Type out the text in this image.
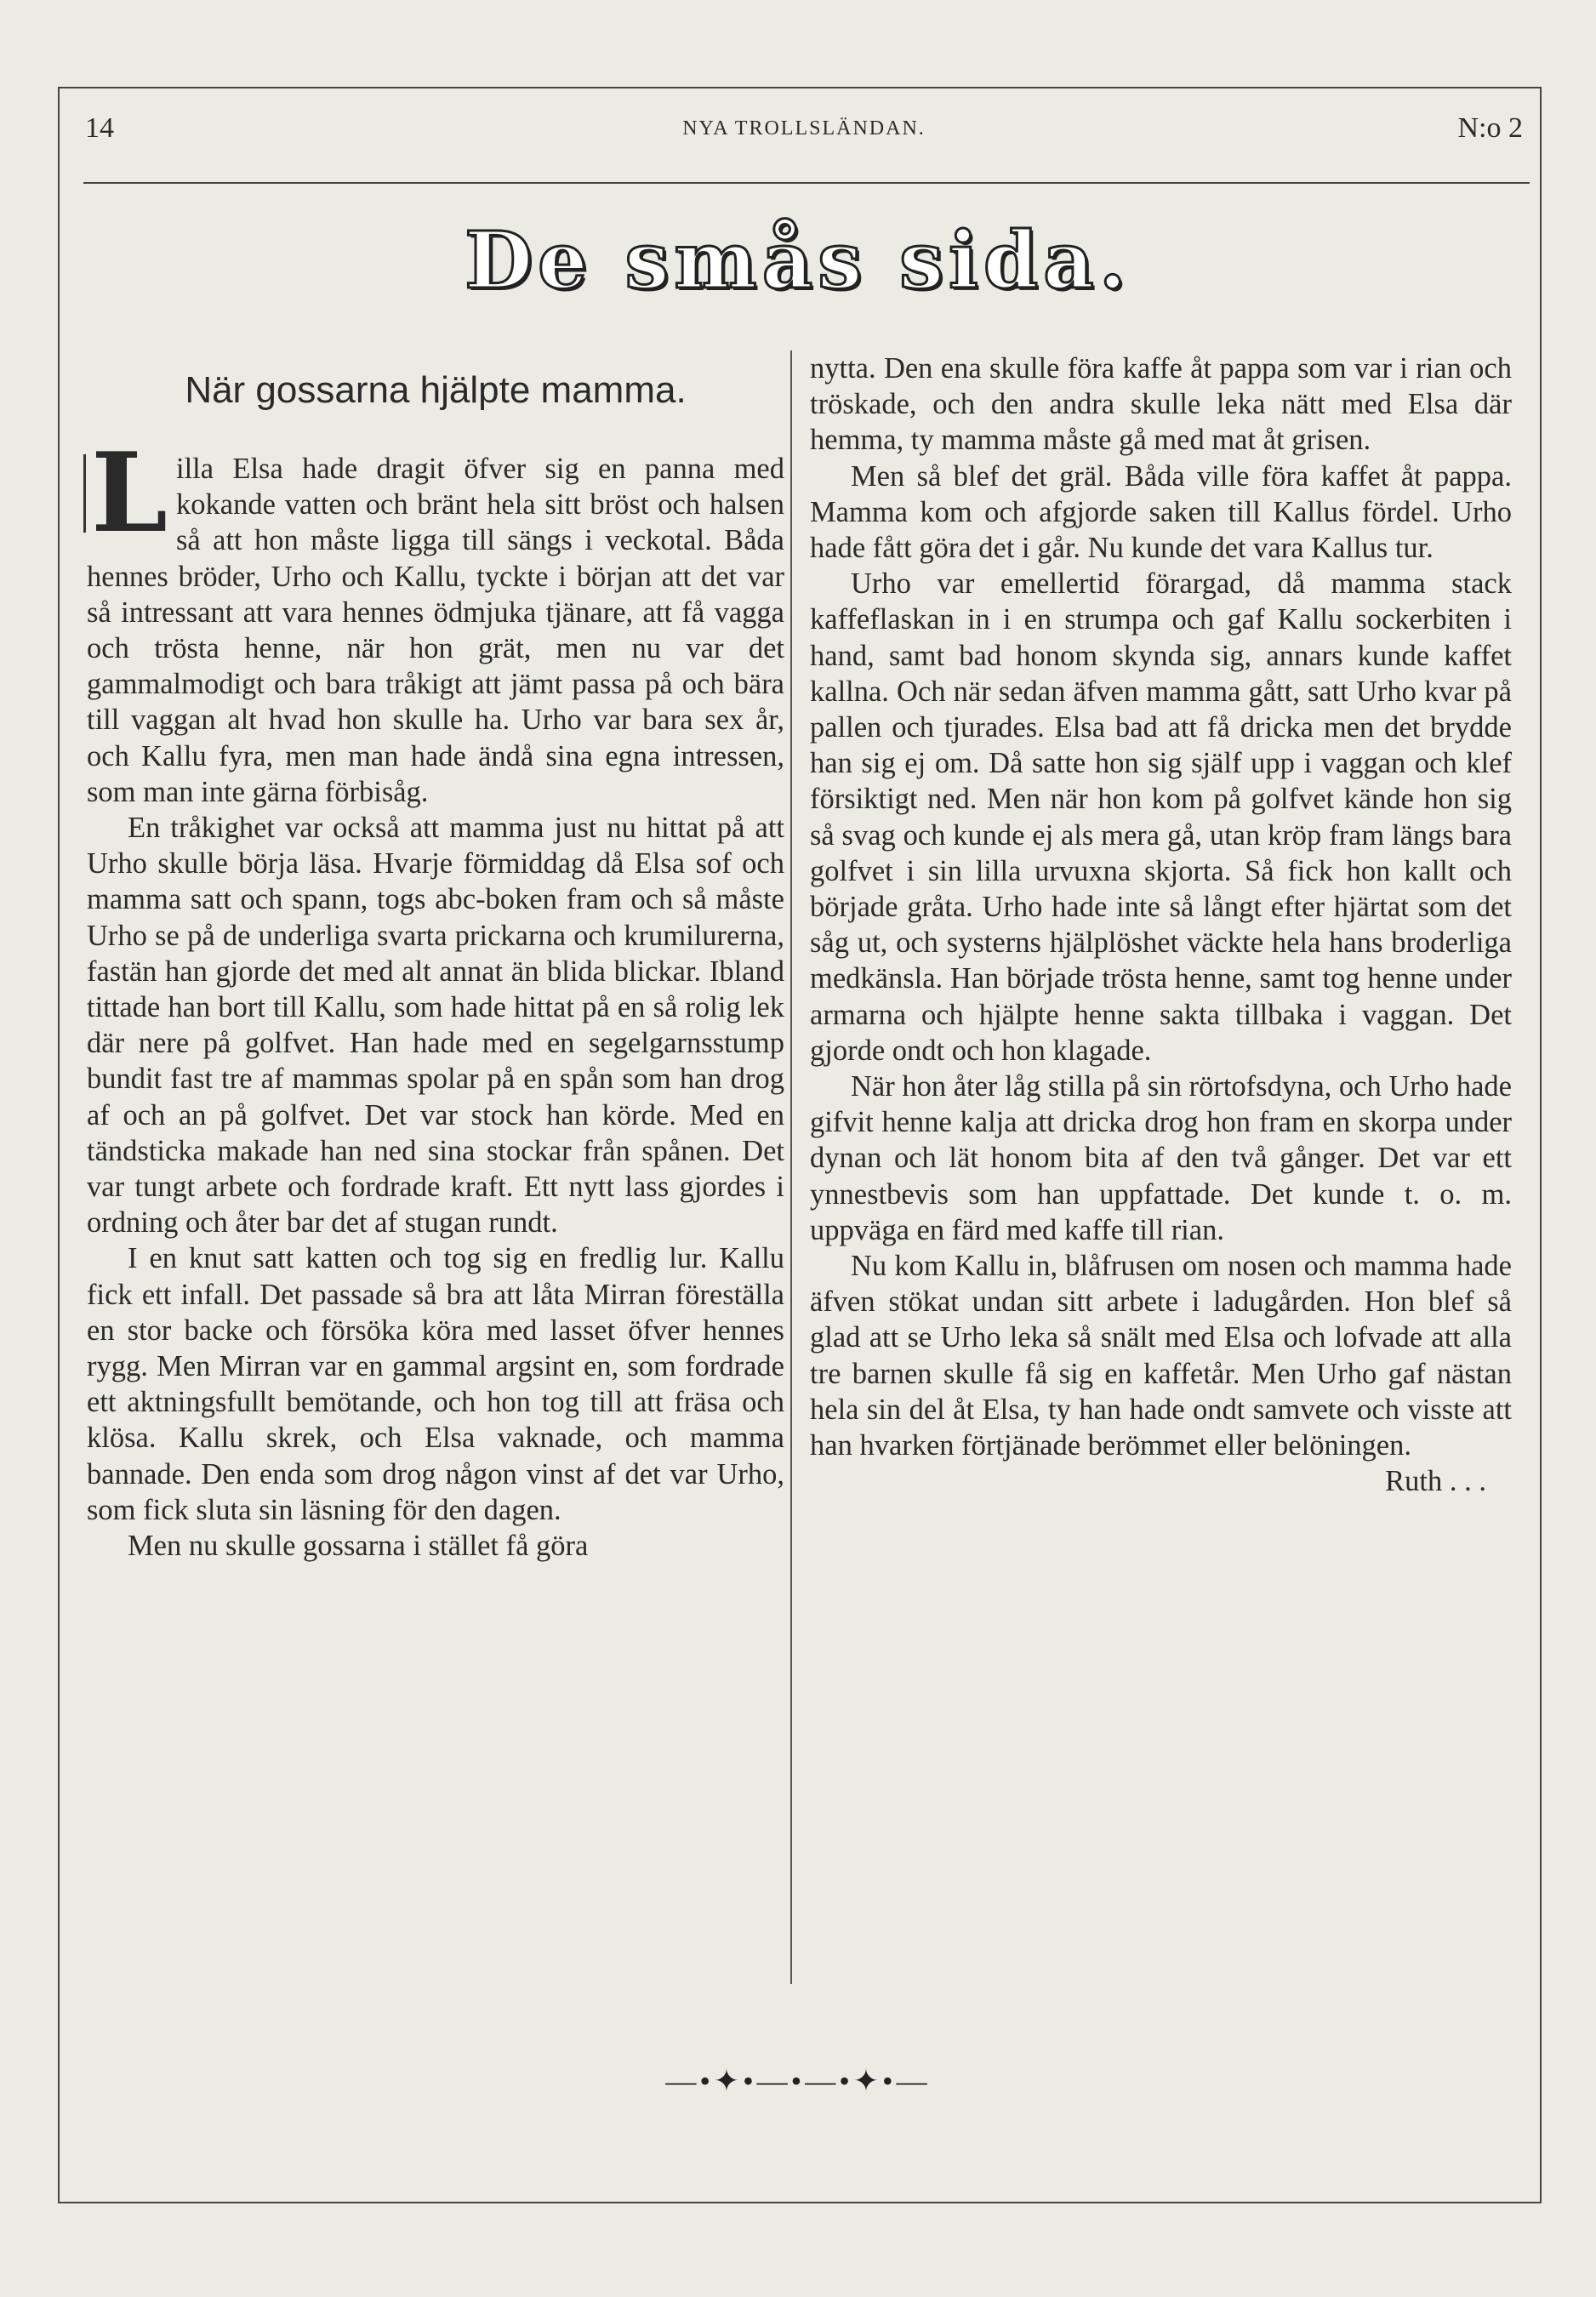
14	NYA TROLLSLÄNDAN.	N:o 2
De smås sida.
När gossarna hjälpte mamma.

L illa Elsa hade dragit öfver sig en panna med kokande vatten och bränt hela sitt bröst och halsen så att hon måste ligga till sängs i veckotal. Båda hennes bröder, Urho och Kallu, tyckte i början att det var så intressant att vara hennes ödmjuka tjänare, att få vagga och trösta henne, när hon grät, men nu var det gammalmodigt och bara tråkigt att jämt passa på och bära till vaggan alt hvad hon skulle ha. Urho var bara sex år, och Kallu fyra, men man hade ändå sina egna intressen, som man inte gärna förbisåg.

En tråkighet var också att mamma just nu hittat på att Urho skulle börja läsa. Hvarje förmiddag då Elsa sof och mamma satt och spann, togs abc-boken fram och så måste Urho se på de underliga svarta prickarna och krumilurerna, fastän han gjorde det med alt annat än blida blickar. Ibland tittade han bort till Kallu, som hade hittat på en så rolig lek där nere på golfvet. Han hade med en segelgarnsstump bundit fast tre af mammas spolar på en spån som han drog af och an på golfvet. Det var stock han körde. Med en tändsticka makade han ned sina stockar från spånen. Det var tungt arbete och fordrade kraft. Ett nytt lass gjordes i ordning och åter bar det af stugan rundt.

I en knut satt katten och tog sig en fredlig lur. Kallu fick ett infall. Det passade så bra att låta Mirran föreställa en stor backe och försöka köra med lasset öfver hennes rygg. Men Mirran var en gammal argsint en, som fordrade ett aktningsfullt bemötande, och hon tog till att fräsa och klösa. Kallu skrek, och Elsa vaknade, och mamma bannade. Den enda som drog någon vinst af det var Urho, som fick sluta sin läsning för den dagen.

Men nu skulle gossarna i stället få göra

nytta. Den ena skulle föra kaffe åt pappa som var i rian och tröskade, och den andra skulle leka nätt med Elsa där hemma, ty mamma måste gå med mat åt grisen.

Men så blef det gräl. Båda ville föra kaffet åt pappa. Mamma kom och afgjorde saken till Kallus fördel. Urho hade fått göra det i går. Nu kunde det vara Kallus tur.

Urho var emellertid förargad, då mamma stack kaffeflaskan in i en strumpa och gaf Kallu sockerbiten i hand, samt bad honom skynda sig, annars kunde kaffet kallna. Och när sedan äfven mamma gått, satt Urho kvar på pallen och tjurades. Elsa bad att få dricka men det brydde han sig ej om. Då satte hon sig själf upp i vaggan och klef försiktigt ned. Men när hon kom på golfvet kände hon sig så svag och kunde ej als mera gå, utan kröp fram längs bara golfvet i sin lilla urvuxna skjorta. Så fick hon kallt och började gråta. Urho hade inte så långt efter hjärtat som det såg ut, och systerns hjälplöshet väckte hela hans broderliga medkänsla. Han började trösta henne, samt tog henne under armarna och hjälpte henne sakta tillbaka i vaggan. Det gjorde ondt och hon klagade.

När hon åter låg stilla på sin rörtofsdyna, och Urho hade gifvit henne kalja att dricka drog hon fram en skorpa under dynan och lät honom bita af den två gånger. Det var ett ynnestbevis som han uppfattade. Det kunde t. o. m. uppväga en färd med kaffe till rian.

Nu kom Kallu in, blåfrusen om nosen och mamma hade äfven stökat undan sitt arbete i ladugården. Hon blef så glad att se Urho leka så snält med Elsa och lofvade att alla tre barnen skulle få sig en kaffetår. Men Urho gaf nästan hela sin del åt Elsa, ty han hade ondt samvete och visste att han hvarken förtjänade berömmet eller belöningen.

Ruth . . .

—•✦•—•—•✦•—
